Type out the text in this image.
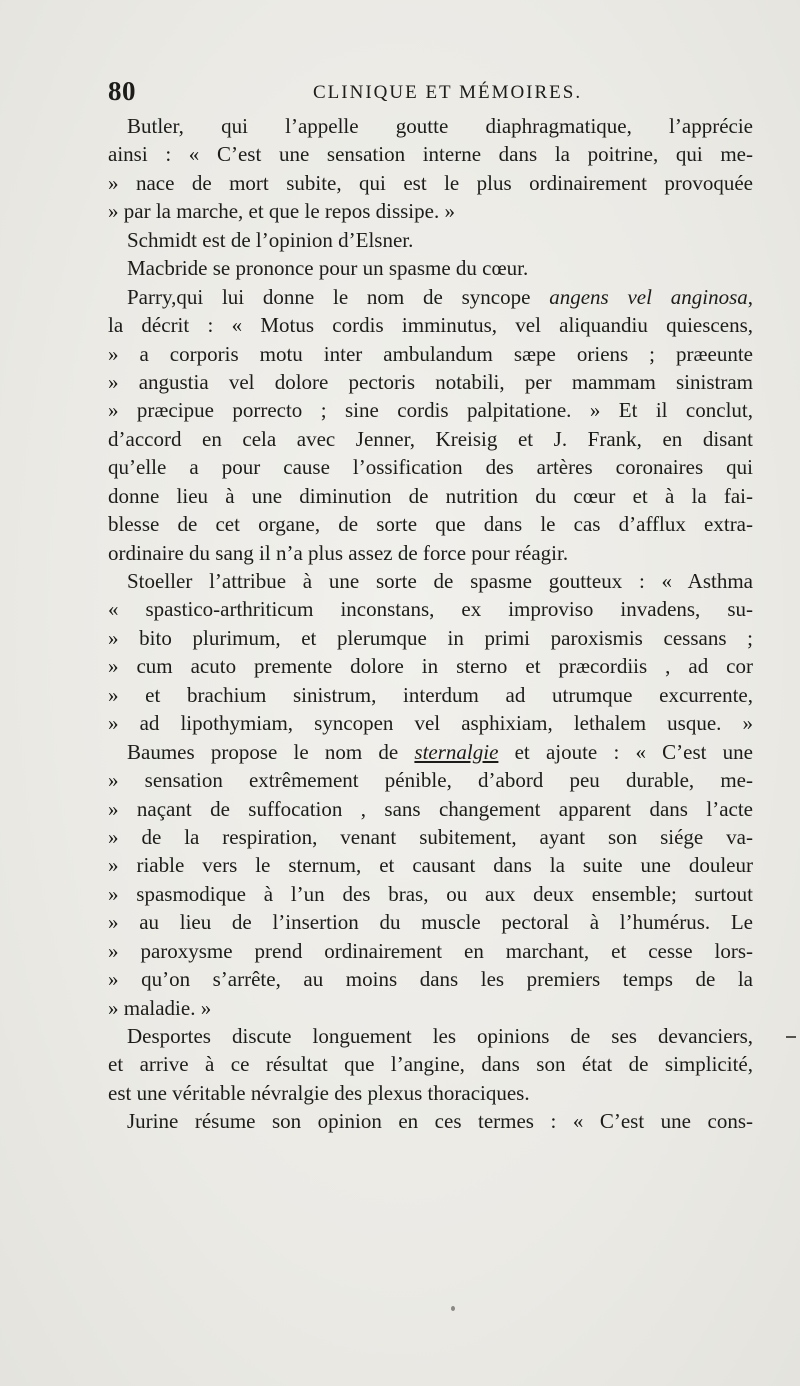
80	CLINIQUE ET MÉMOIRES.
Butler, qui l’appelle goutte diaphragmatique, l’apprécie
ainsi : « C’est une sensation interne dans la poitrine, qui me-
» nace de mort subite, qui est le plus ordinairement provoquée
» par la marche, et que le repos dissipe. »
Schmidt est de l’opinion d’Elsner.
Macbride se prononce pour un spasme du cœur.
Parry,qui lui donne le nom de syncope angens vel anginosa,
la décrit : « Motus cordis imminutus, vel aliquandiu quiescens,
» a corporis motu inter ambulandum sæpe oriens ; præeunte
» angustia vel dolore pectoris notabili, per mammam sinistram
» præcipue porrecto ; sine cordis palpitatione. » Et il conclut,
d’accord en cela avec Jenner, Kreisig et J. Frank, en disant
qu’elle a pour cause l’ossification des artères coronaires qui
donne lieu à une diminution de nutrition du cœur et à la fai-
blesse de cet organe, de sorte que dans le cas d’afflux extra-
ordinaire du sang il n’a plus assez de force pour réagir.
Stoeller l’attribue à une sorte de spasme goutteux : « Asthma
« spastico-arthriticum inconstans, ex improviso invadens, su-
» bito plurimum, et plerumque in primi paroxismis cessans ;
» cum acuto premente dolore in sterno et præcordiis , ad cor
» et brachium sinistrum, interdum ad utrumque excurrente,
» ad lipothymiam, syncopen vel asphixiam, lethalem usque. »
Baumes propose le nom de sternalgie et ajoute : « C’est une
» sensation extrêmement pénible, d’abord peu durable, me-
» naçant de suffocation , sans changement apparent dans l’acte
» de la respiration, venant subitement, ayant son siége va-
» riable vers le sternum, et causant dans la suite une douleur
» spasmodique à l’un des bras, ou aux deux ensemble; surtout
» au lieu de l’insertion du muscle pectoral à l’humérus. Le
» paroxysme prend ordinairement en marchant, et cesse lors-
» qu’on s’arrête, au moins dans les premiers temps de la
» maladie. »
Desportes discute longuement les opinions de ses devanciers,
et arrive à ce résultat que l’angine, dans son état de simplicité,
est une véritable névralgie des plexus thoraciques.
Jurine résume son opinion en ces termes : « C’est une cons-
